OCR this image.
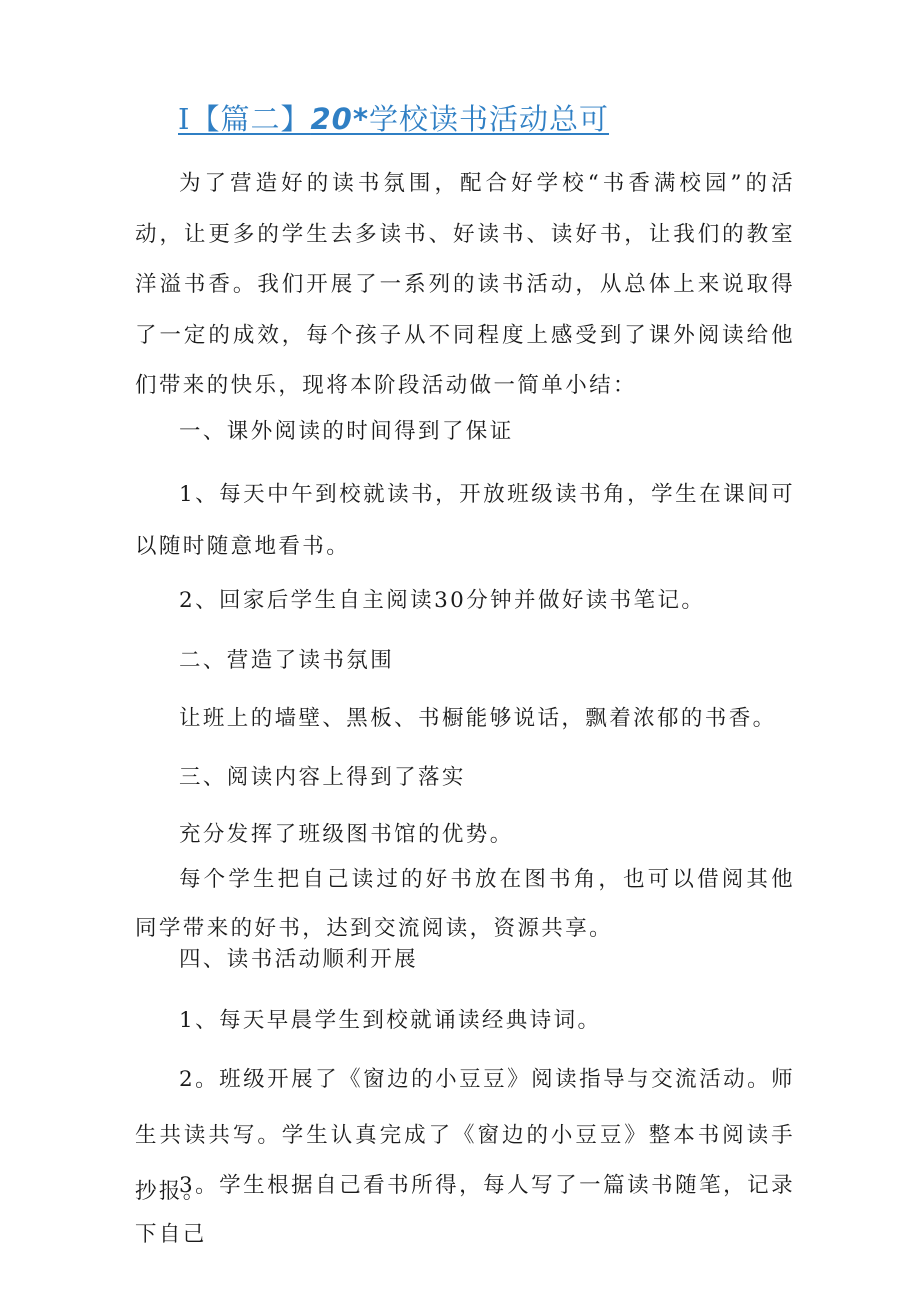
I【篇二】20*学校读书活动总可

为了营造好的读书氛围，配合好学校“书香满校园”的活动，让更多的学生去多读书、好读书、读好书，让我们的教室洋溢书香。我们开展了一系列的读书活动，从总体上来说取得了一定的成效，每个孩子从不同程度上感受到了课外阅读给他们带来的快乐，现将本阶段活动做一简单小结：

一、课外阅读的时间得到了保证

1、每天中午到校就读书，开放班级读书角，学生在课间可以随时随意地看书。

2、回家后学生自主阅读30分钟并做好读书笔记。

二、营造了读书氛围

让班上的墙壁、黑板、书橱能够说话，飘着浓郁的书香。

三、阅读内容上得到了落实

充分发挥了班级图书馆的优势。

每个学生把自己读过的好书放在图书角，也可以借阅其他同学带来的好书，达到交流阅读，资源共享。

四、读书活动顺利开展

1、每天早晨学生到校就诵读经典诗词。

2。班级开展了《窗边的小豆豆》阅读指导与交流活动。师生共读共写。学生认真完成了《窗边的小豆豆》整本书阅读手抄报。

3。学生根据自己看书所得，每人写了一篇读书随笔，记录下自己
